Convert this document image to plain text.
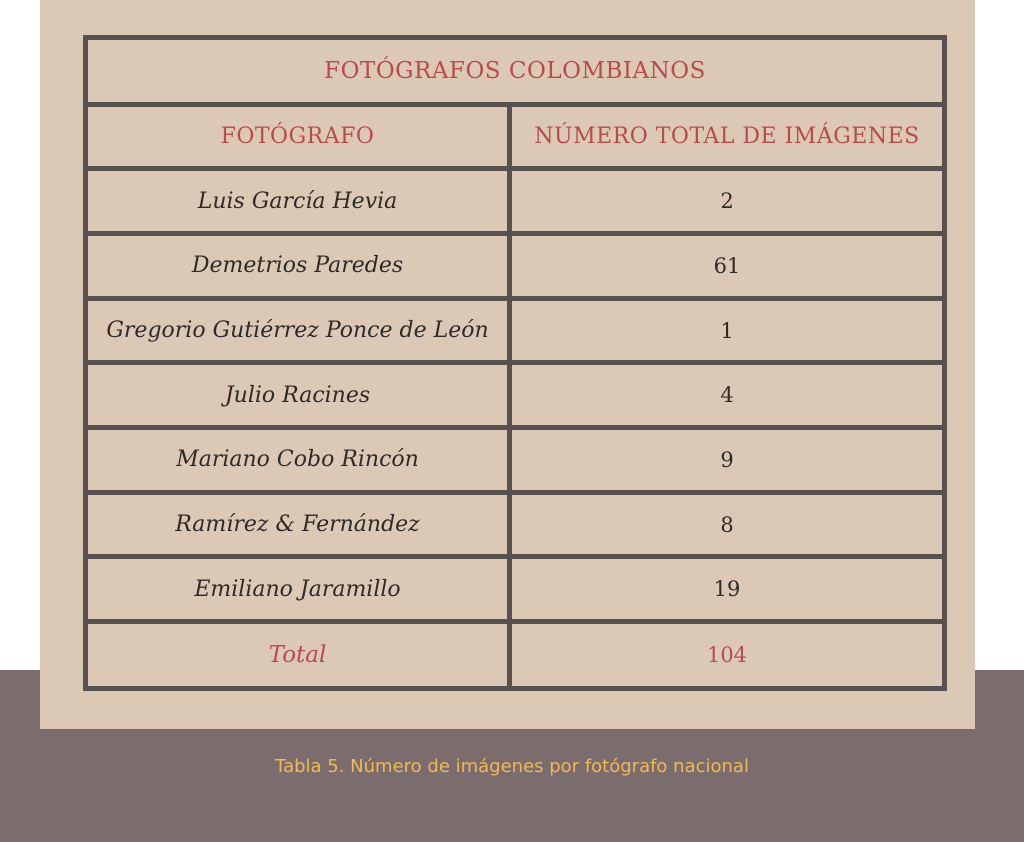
FOTÓGRAFOS COLOMBIANOS	
FOTÓGRAFO	NÚMERO TOTAL DE IMÁGENES
Luis García Hevia	2
Demetrios Paredes	61
Gregorio Gutiérrez Ponce de León	1
Julio Racines	4
Mariano Cobo Rincón	9
Ramírez & Fernández	8
Emiliano Jaramillo	19
Total	104
Tabla 5. Número de imágenes por fotógrafo nacional
